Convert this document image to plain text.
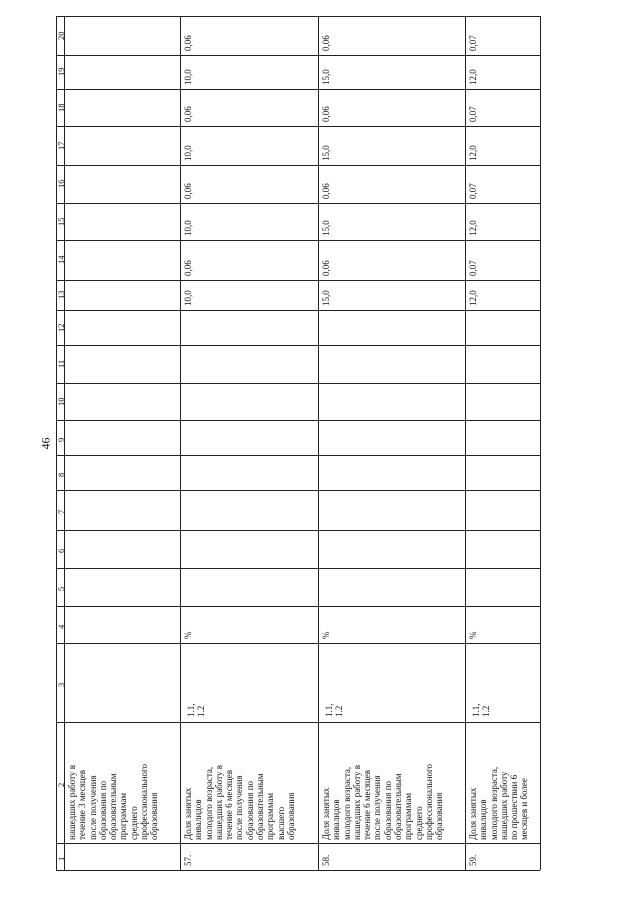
46
1
2
3
4
5
6
7
8
9
10
11
12
13
14
15
16
17
18
19
20
нашедших работу в
течение 3 месяцев
после получения
образования по
образовательным
программам
среднего
профессионального
образования
57.
Доля занятых
инвалидов
молодого возраста,
нашедших работу в
течение 6 месяцев
после получения
образования по
образовательным
программам
высшего
образования
1.1,
1.2
%
10,0
0,06
10,0
0,06
10,0
0,06
10,0
0,06
58.
Доля занятых
инвалидов
молодого возраста,
нашедших работу в
течение 6 месяцев
после получения
образования по
образовательным
программам
среднего
профессионального
образования
1.1,
1.2
%
15,0
0,06
15,0
0,06
15,0
0,06
15,0
0,06
59.
Доля занятых
инвалидов
молодого возраста,
нашедших работу
по прошествии 6
месяцев и более
1.1,
1.2
%
12,0
0,07
12,0
0,07
12,0
0,07
12,0
0,07
